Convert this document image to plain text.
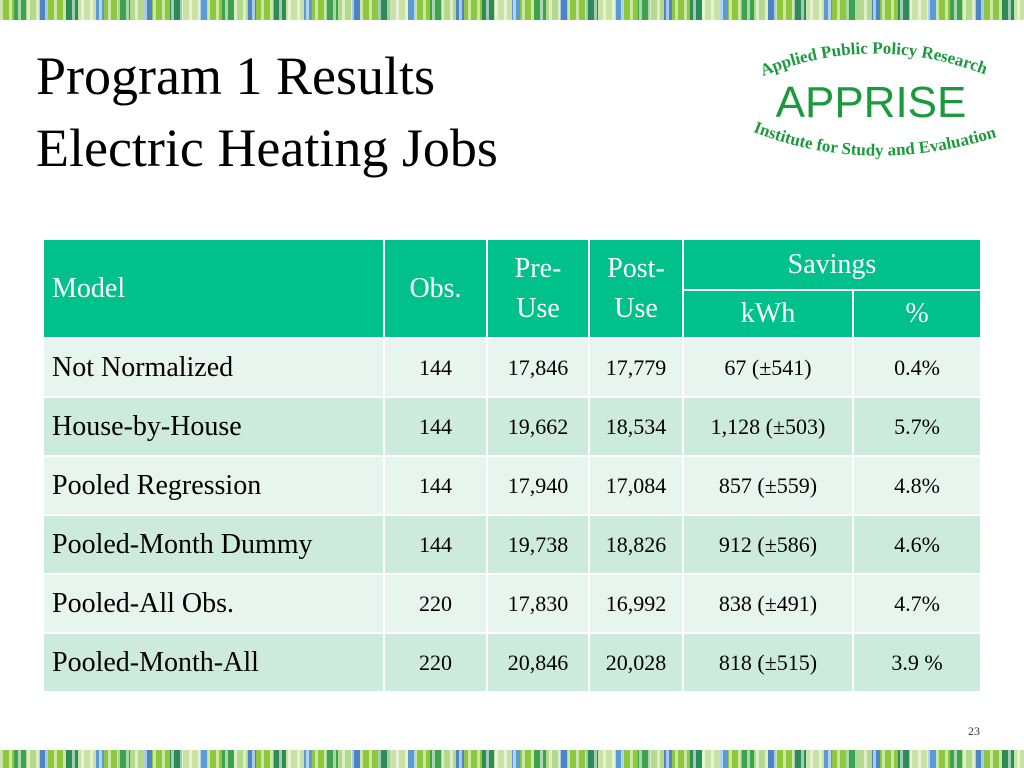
Program 1 Results
Electric Heating Jobs
Applied Public Policy Research
APPRISE
Institute for Study and Evaluation
Model	Obs.	Pre-Use	Post-Use	Savings	
				kWh	%
Not Normalized	144	17,846	17,779	67 (±541)	0.4%
House-by-House	144	19,662	18,534	1,128 (±503)	5.7%
Pooled Regression	144	17,940	17,084	857 (±559)	4.8%
Pooled-Month Dummy	144	19,738	18,826	912 (±586)	4.6%
Pooled-All Obs.	220	17,830	16,992	838 (±491)	4.7%
Pooled-Month-All	220	20,846	20,028	818 (±515)	3.9 %
23
